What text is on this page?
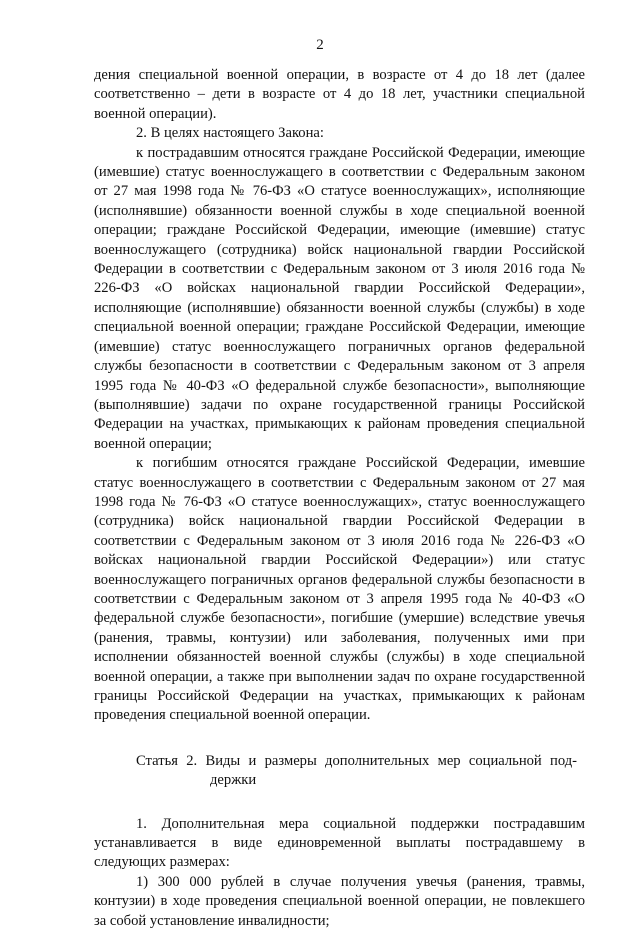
2

дения специальной военной операции, в возрасте от 4 до 18 лет (далее соответственно – дети в возрасте от 4 до 18 лет, участники специальной военной операции).

2. В целях настоящего Закона:

к пострадавшим относятся граждане Российской Федерации, имеющие (имевшие) статус военнослужащего в соответствии с Федеральным законом от 27 мая 1998 года № 76-ФЗ «О статусе военнослужащих», исполняющие (исполнявшие) обязанности военной службы в ходе специальной военной операции; граждане Российской Федерации, имеющие (имевшие) статус военнослужащего (сотрудника) войск национальной гвардии Российской Федерации в соответствии с Федеральным законом от 3 июля 2016 года № 226-ФЗ «О войсках национальной гвардии Российской Федерации», исполняющие (исполнявшие) обязанности военной службы (службы) в ходе специальной военной операции; граждане Российской Федерации, имеющие (имевшие) статус военнослужащего пограничных органов федеральной службы безопасности в соответствии с Федеральным законом от 3 апреля 1995 года № 40-ФЗ «О федеральной службе безопасности», выполняющие (выполнявшие) задачи по охране государственной границы Российской Федерации на участках, примыкающих к районам проведения специальной военной операции;

к погибшим относятся граждане Российской Федерации, имевшие статус военнослужащего в соответствии с Федеральным законом от 27 мая 1998 года № 76-ФЗ «О статусе военнослужащих», статус военнослужащего (сотрудника) войск национальной гвардии Российской Федерации в соответствии с Федеральным законом от 3 июля 2016 года № 226-ФЗ «О войсках национальной гвардии Российской Федерации») или статус военнослужащего пограничных органов федеральной службы безопасности в соответствии с Федеральным законом от 3 апреля 1995 года № 40-ФЗ «О федеральной службе безопасности», погибшие (умершие) вследствие увечья (ранения, травмы, контузии) или заболевания, полученных ими при исполнении обязанностей военной службы (службы) в ходе специальной военной операции, а также при выполнении задач по охране государственной границы Российской Федерации на участках, примыкающих к районам проведения специальной военной операции.

Статья 2. Виды и размеры дополнительных мер социальной под-
держки

1. Дополнительная мера социальной поддержки пострадавшим устанавливается в виде единовременной выплаты пострадавшему в следующих размерах:

1) 300 000 рублей в случае получения увечья (ранения, травмы, контузии) в ходе проведения специальной военной операции, не повлекшего за собой установление инвалидности;
